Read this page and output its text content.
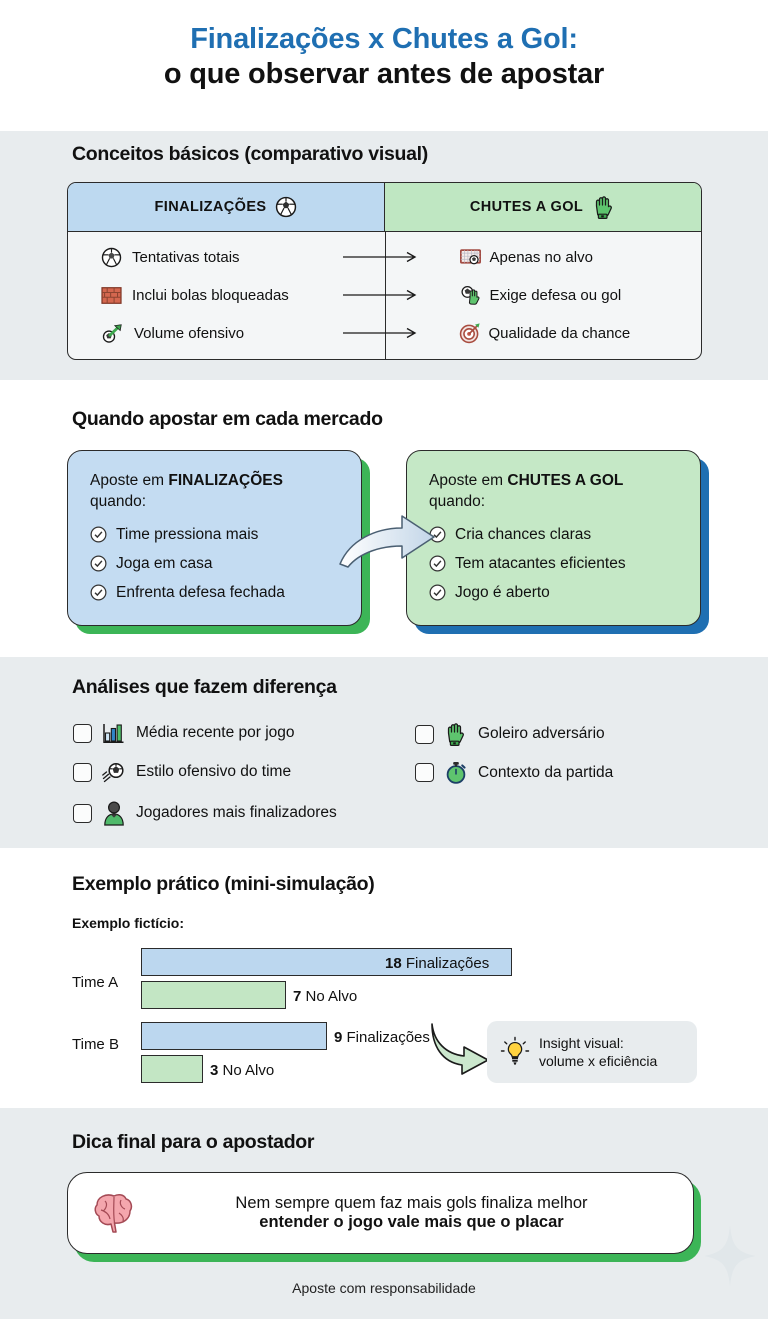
Finalizações x Chutes a Gol:
o que observar antes de apostar
Conceitos básicos (comparativo visual)
FINALIZAÇÕES	CHUTES A GOL
Tentativas totais	Apenas no alvo
Inclui bolas bloqueadas	Exige defesa ou gol
Volume ofensivo	Qualidade da chance
Quando apostar em cada mercado
Aposte em FINALIZAÇÕES
quando:
Time pressiona mais
Joga em casa
Enfrenta defesa fechada
Aposte em CHUTES A GOL
quando:
Cria chances claras
Tem atacantes eficientes
Jogo é aberto
Análises que fazem diferença
Média recente por jogo
Estilo ofensivo do time
Jogadores mais finalizadores
Goleiro adversário
Contexto da partida
Exemplo prático (mini-simulação)
Exemplo fictício:
Time A
Time B
18 Finalizações
7 No Alvo
9 Finalizações
3 No Alvo
Insight visual:
volume x eficiência
Dica final para o apostador
Nem sempre quem faz mais gols finaliza melhor
entender o jogo vale mais que o placar
Aposte com responsabilidade
